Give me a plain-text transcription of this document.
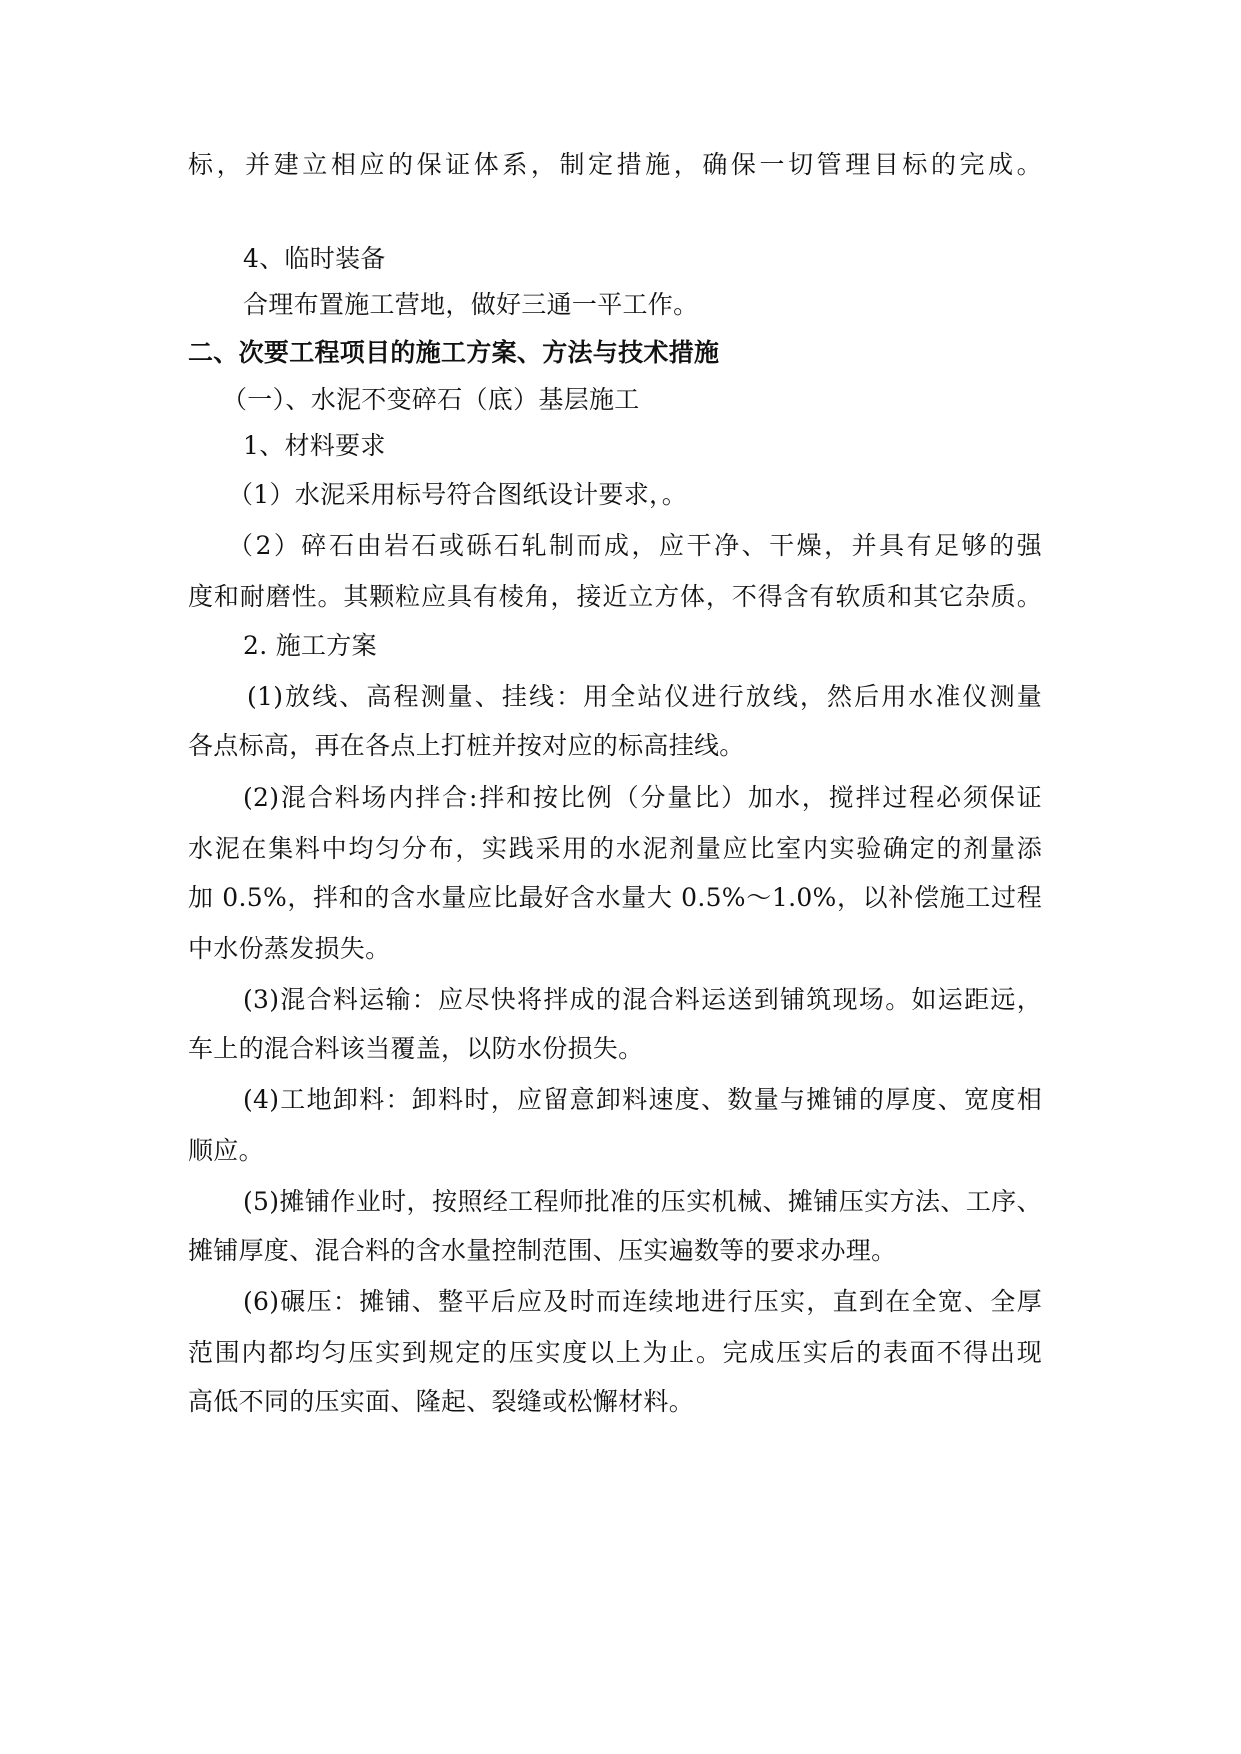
标，并建立相应的保证体系，制定措施，确保一切管理目标的完成。

4、临时装备

合理布置施工营地，做好三通一平工作。

二、次要工程项目的施工方案、方法与技术措施

（一）、水泥不变碎石（底）基层施工

1、材料要求

（1）水泥采用标号符合图纸设计要求，。

（2）碎石由岩石或砾石轧制而成，应干净、干燥，并具有足够的强

度和耐磨性。其颗粒应具有棱角，接近立方体，不得含有软质和其它杂质。

2. 施工方案

(1)放线、高程测量、挂线：用全站仪进行放线，然后用水准仪测量

各点标高，再在各点上打桩并按对应的标高挂线。

(2)混合料场内拌合:拌和按比例（分量比）加水，搅拌过程必须保证

水泥在集料中均匀分布，实践采用的水泥剂量应比室内实验确定的剂量添

加 0.5%，拌和的含水量应比最好含水量大 0.5%～1.0%，以补偿施工过程

中水份蒸发损失。

(3)混合料运输：应尽快将拌成的混合料运送到铺筑现场。如运距远，

车上的混合料该当覆盖，以防水份损失。

(4)工地卸料：卸料时，应留意卸料速度、数量与摊铺的厚度、宽度相

顺应。

(5)摊铺作业时，按照经工程师批准的压实机械、摊铺压实方法、工序、

摊铺厚度、混合料的含水量控制范围、压实遍数等的要求办理。

(6)碾压：摊铺、整平后应及时而连续地进行压实，直到在全宽、全厚

范围内都均匀压实到规定的压实度以上为止。完成压实后的表面不得出现

高低不同的压实面、隆起、裂缝或松懈材料。
